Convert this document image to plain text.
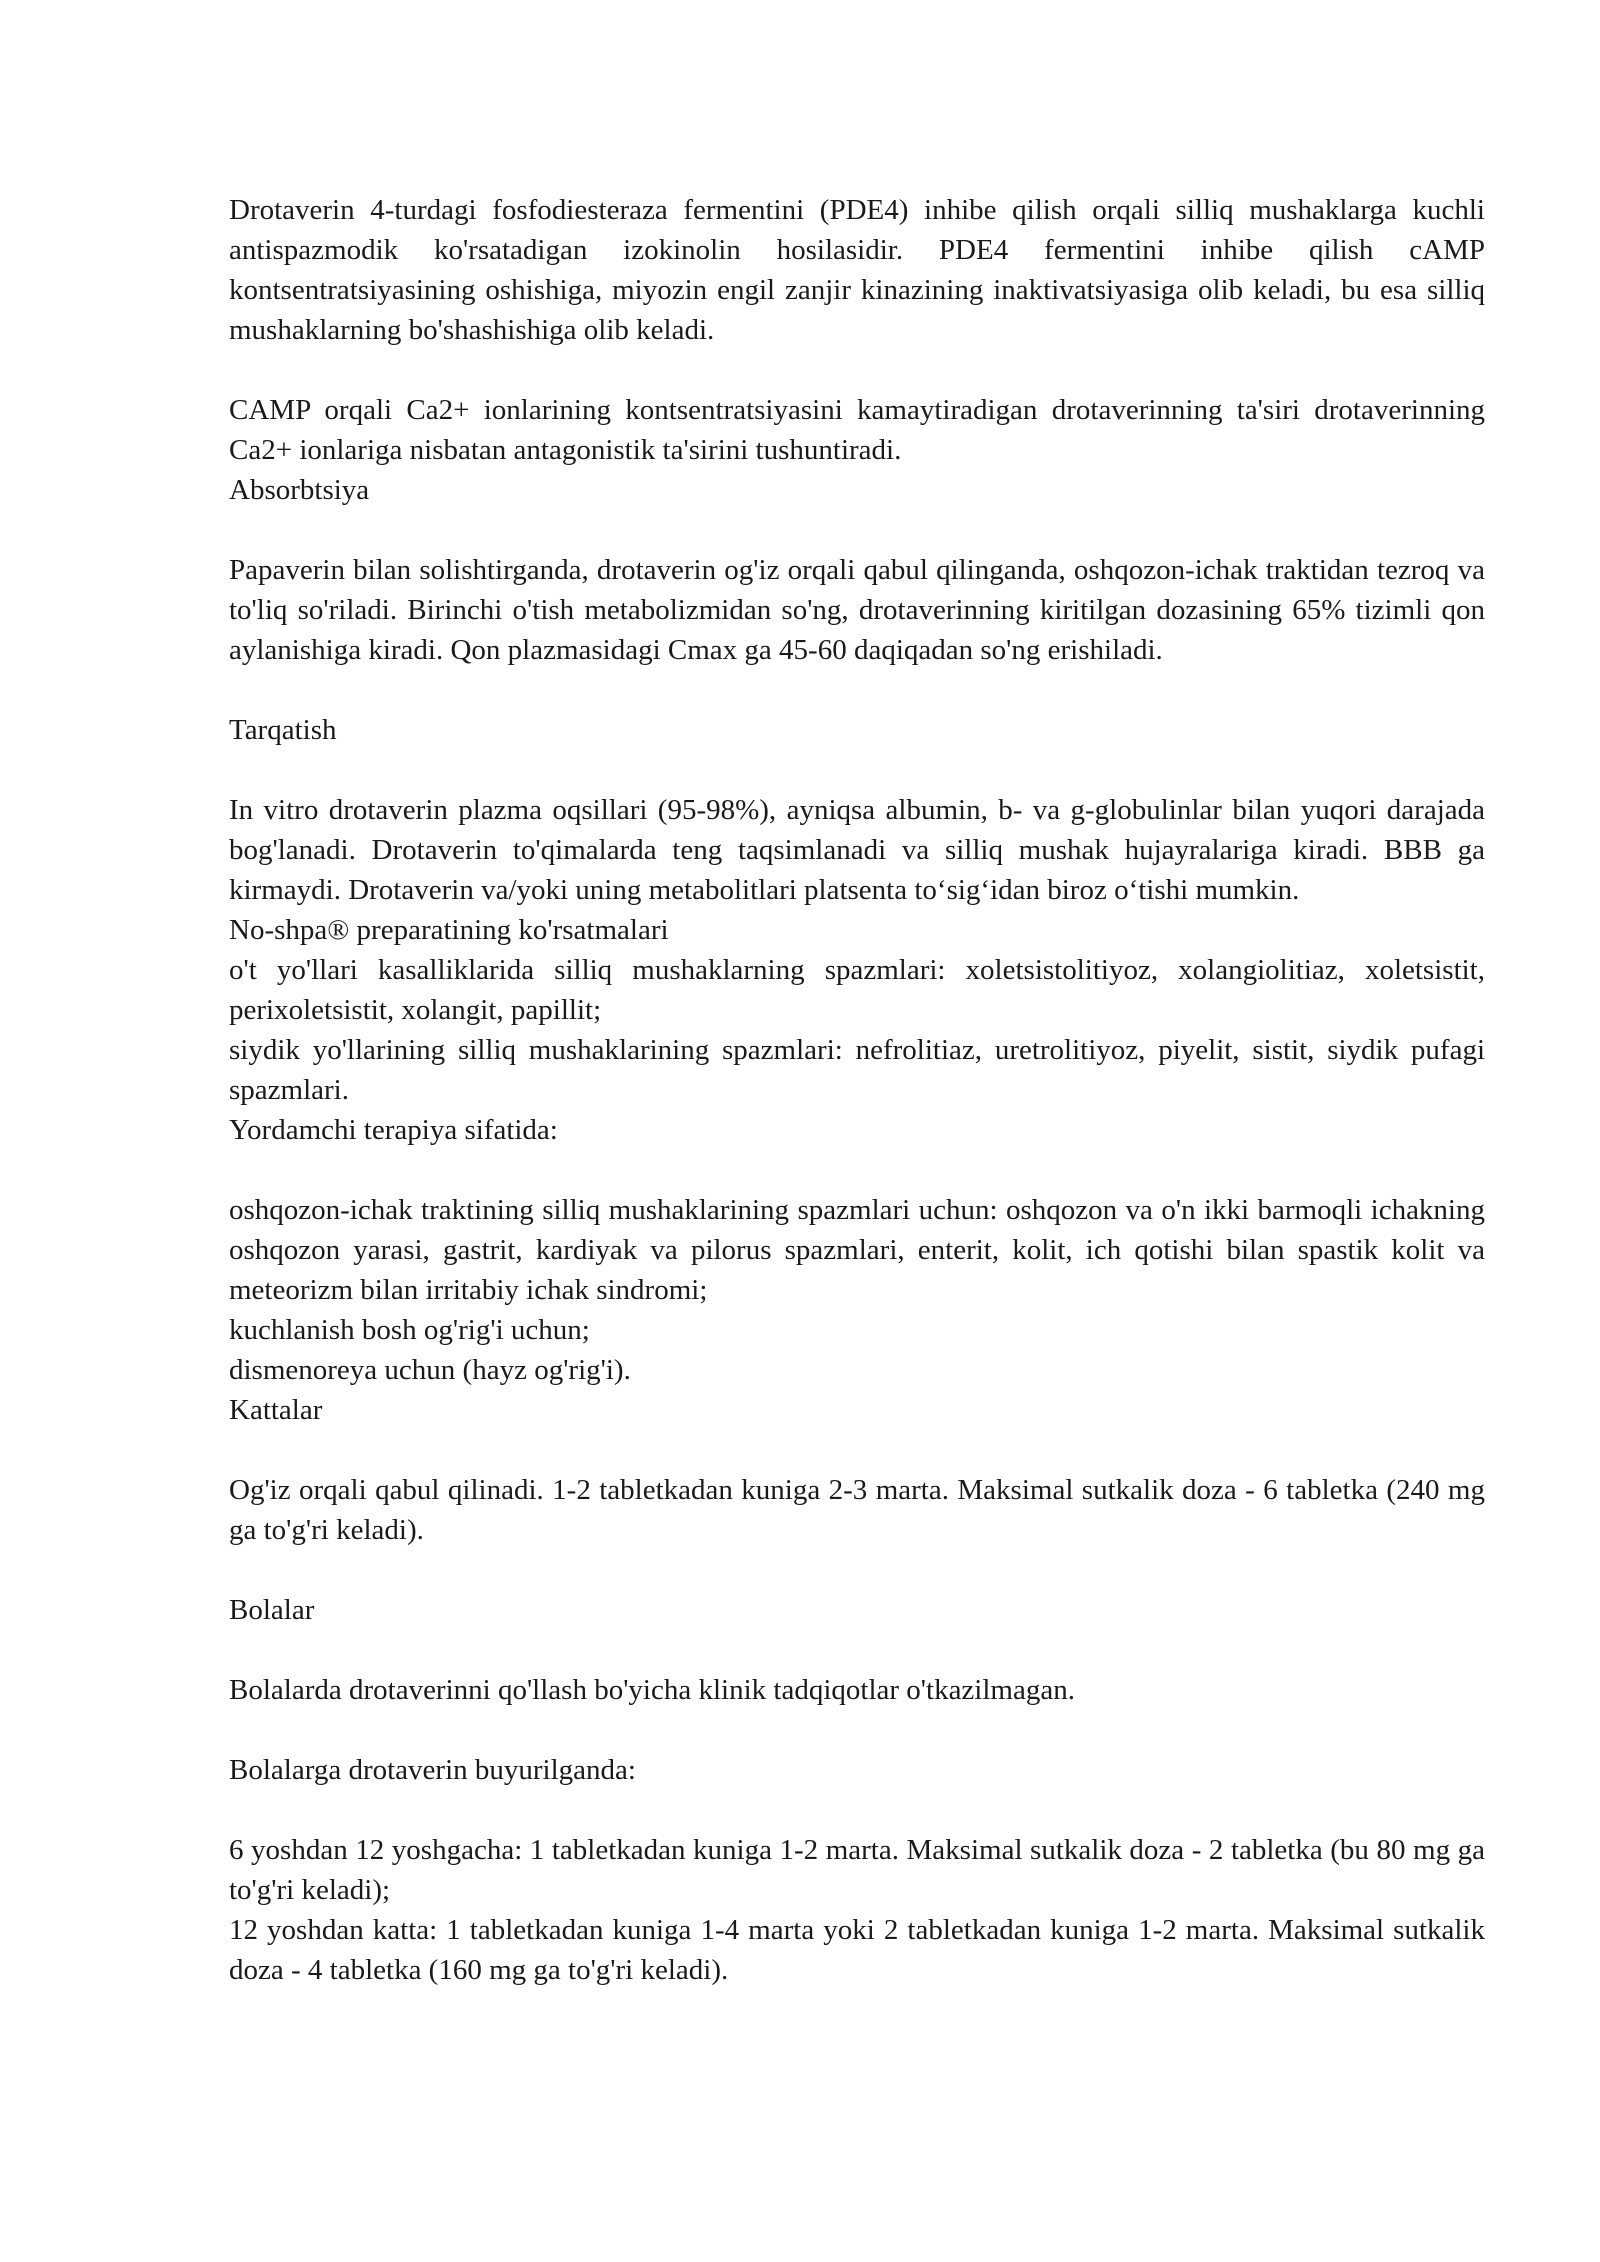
Drotaverin 4-turdagi fosfodiesteraza fermentini (PDE4) inhibe qilish orqali silliq mushaklarga kuchli antispazmodik ko'rsatadigan izokinolin hosilasidir. PDE4 fermentini inhibe qilish cAMP kontsentratsiyasining oshishiga, miyozin engil zanjir kinazining inaktivatsiyasiga olib keladi, bu esa silliq mushaklarning bo'shashishiga olib keladi.

CAMP orqali Ca2+ ionlarining kontsentratsiyasini kamaytiradigan drotaverinning ta'siri drotaverinning Ca2+ ionlariga nisbatan antagonistik ta'sirini tushuntiradi.

Absorbtsiya

Papaverin bilan solishtirganda, drotaverin og'iz orqali qabul qilinganda, oshqozon-ichak traktidan tezroq va to'liq so'riladi. Birinchi o'tish metabolizmidan so'ng, drotaverinning kiritilgan dozasining 65% tizimli qon aylanishiga kiradi. Qon plazmasidagi Cmax ga 45-60 daqiqadan so'ng erishiladi.

Tarqatish

In vitro drotaverin plazma oqsillari (95-98%), ayniqsa albumin, b- va g-globulinlar bilan yuqori darajada bog'lanadi. Drotaverin to'qimalarda teng taqsimlanadi va silliq mushak hujayralariga kiradi. BBB ga kirmaydi. Drotaverin va/yoki uning metabolitlari platsenta to‘sig‘idan biroz o‘tishi mumkin.

No-shpa® preparatining ko'rsatmalari

o't yo'llari kasalliklarida silliq mushaklarning spazmlari: xoletsistolitiyoz, xolangiolitiaz, xoletsistit, perixoletsistit, xolangit, papillit;

siydik yo'llarining silliq mushaklarining spazmlari: nefrolitiaz, uretrolitiyoz, piyelit, sistit, siydik pufagi spazmlari.

Yordamchi terapiya sifatida:

oshqozon-ichak traktining silliq mushaklarining spazmlari uchun: oshqozon va o'n ikki barmoqli ichakning oshqozon yarasi, gastrit, kardiyak va pilorus spazmlari, enterit, kolit, ich qotishi bilan spastik kolit va meteorizm bilan irritabiy ichak sindromi;

kuchlanish bosh og'rig'i uchun;
dismenoreya uchun (hayz og'rig'i).
Kattalar

Og'iz orqali qabul qilinadi. 1-2 tabletkadan kuniga 2-3 marta. Maksimal sutkalik doza - 6 tabletka (240 mg ga to'g'ri keladi).

Bolalar

Bolalarda drotaverinni qo'llash bo'yicha klinik tadqiqotlar o'tkazilmagan.

Bolalarga drotaverin buyurilganda:

6 yoshdan 12 yoshgacha: 1 tabletkadan kuniga 1-2 marta. Maksimal sutkalik doza - 2 tabletka (bu 80 mg ga to'g'ri keladi);

12 yoshdan katta: 1 tabletkadan kuniga 1-4 marta yoki 2 tabletkadan kuniga 1-2 marta. Maksimal sutkalik doza - 4 tabletka (160 mg ga to'g'ri keladi).
